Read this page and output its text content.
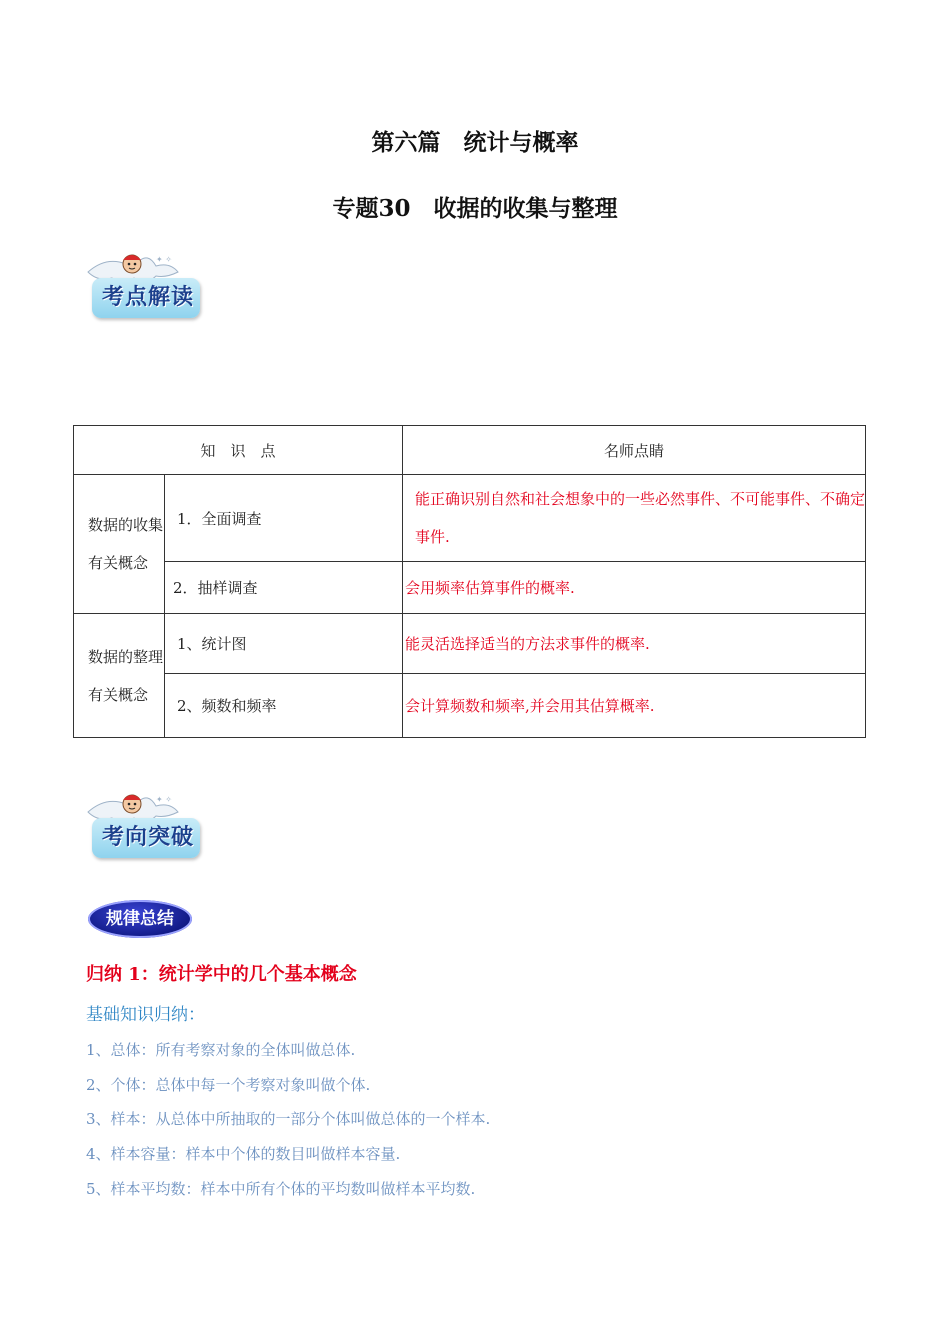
第六篇　统计与概率
专题30　收据的收集与整理
✦ ✧
考点解读
知　识　点		名师点睛
数据的收集有关概念	1．全面调查	能正确识别自然和社会想象中的一些必然事件、不可能事件、不确定事件.
	2．抽样调查	会用频率估算事件的概率.
数据的整理有关概念	1、统计图	能灵活选择适当的方法求事件的概率.
	2、频数和频率	会计算频数和频率,并会用其估算概率.
✦ ✧
考向突破
规律总结
归纳 1：统计学中的几个基本概念
基础知识归纳：
1、总体：所有考察对象的全体叫做总体.
2、个体：总体中每一个考察对象叫做个体.
3、样本：从总体中所抽取的一部分个体叫做总体的一个样本.
4、样本容量：样本中个体的数目叫做样本容量.
5、样本平均数：样本中所有个体的平均数叫做样本平均数.
